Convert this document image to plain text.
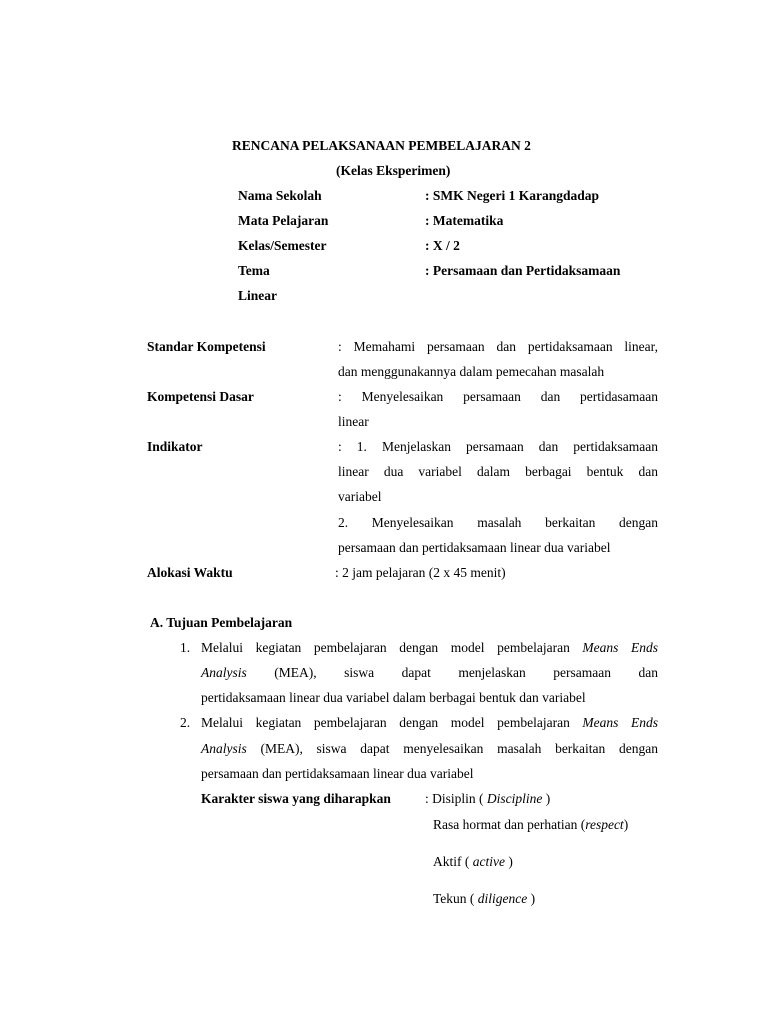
RENCANA PELAKSANAAN PEMBELAJARAN 2
(Kelas Eksperimen)
Nama Sekolah	: SMK Negeri 1 Karangdadap
Mata Pelajaran	: Matematika
Kelas/Semester	: X / 2
Tema	: Persamaan dan Pertidaksamaan
Linear
Standar Kompetensi	: Memahami persamaan dan pertidaksamaan linear,
dan menggunakannya dalam pemecahan masalah
Kompetensi Dasar	: Menyelesaikan persamaan dan pertidasamaan
linear
Indikator	: 1. Menjelaskan persamaan dan pertidaksamaan
linear dua variabel dalam berbagai bentuk dan
variabel
2. Menyelesaikan masalah berkaitan dengan
persamaan dan pertidaksamaan linear dua variabel
Alokasi Waktu	: 2 jam pelajaran (2 x 45 menit)
A. Tujuan Pembelajaran
1. Melalui kegiatan pembelajaran dengan model pembelajaran Means Ends
Analysis (MEA), siswa dapat menjelaskan persamaan dan
pertidaksamaan linear dua variabel dalam berbagai bentuk dan variabel
2. Melalui kegiatan pembelajaran dengan model pembelajaran Means Ends
Analysis (MEA), siswa dapat menyelesaikan masalah berkaitan dengan
persamaan dan pertidaksamaan linear dua variabel
Karakter siswa yang diharapkan	: Disiplin ( Discipline )
Rasa hormat dan perhatian (respect)
Aktif ( active )
Tekun ( diligence )
